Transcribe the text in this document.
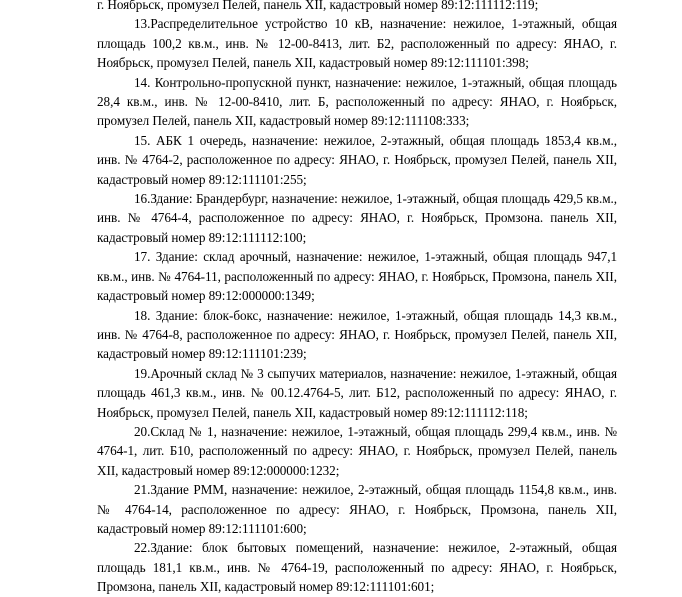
г. Ноябрьск, промузел Пелей, панель XII, кадастровый номер 89:12:111112:119;

13.Распределительное устройство 10 кВ, назначение: нежилое, 1-этажный, общая площадь 100,2 кв.м., инв. № 12-00-8413, лит. Б2, расположенный по адресу: ЯНАО, г. Ноябрьск, промузел Пелей, панель XII, кадастровый номер 89:12:111101:398;

14. Контрольно-пропускной пункт, назначение: нежилое, 1-этажный, общая площадь 28,4 кв.м., инв. № 12-00-8410, лит. Б, расположенный по адресу: ЯНАО, г. Ноябрьск, промузел Пелей, панель XII, кадастровый номер 89:12:111108:333;

15. АБК 1 очередь, назначение: нежилое, 2-этажный, общая площадь 1853,4 кв.м., инв. № 4764-2, расположенное по адресу: ЯНАО, г. Ноябрьск, промузел Пелей, панель XII, кадастровый номер 89:12:111101:255;

16.Здание: Брандербург, назначение: нежилое, 1-этажный, общая площадь 429,5 кв.м., инв. № 4764-4, расположенное по адресу: ЯНАО, г. Ноябрьск, Промзона. панель XII, кадастровый номер 89:12:111112:100;

17. Здание: склад арочный, назначение: нежилое, 1-этажный, общая площадь 947,1 кв.м., инв. № 4764-11, расположенный по адресу: ЯНАО, г. Ноябрьск, Промзона, панель XII, кадастровый номер 89:12:000000:1349;

18. Здание: блок-бокс, назначение: нежилое, 1-этажный, общая площадь 14,3 кв.м., инв. № 4764-8, расположенное по адресу: ЯНАО, г. Ноябрьск, промузел Пелей, панель XII, кадастровый номер 89:12:111101:239;

19.Арочный склад № 3 сыпучих материалов, назначение: нежилое, 1-этажный, общая площадь 461,3 кв.м., инв. № 00.12.4764-5, лит. Б12, расположенный по адресу: ЯНАО, г. Ноябрьск, промузел Пелей, панель XII, кадастровый номер 89:12:111112:118;

20.Склад № 1, назначение: нежилое, 1-этажный, общая площадь 299,4 кв.м., инв. № 4764-1, лит. Б10, расположенный по адресу: ЯНАО, г. Ноябрьск, промузел Пелей, панель XII, кадастровый номер 89:12:000000:1232;

21.Здание РММ, назначение: нежилое, 2-этажный, общая площадь 1154,8 кв.м., инв. № 4764-14, расположенное по адресу: ЯНАО, г. Ноябрьск, Промзона, панель XII, кадастровый номер 89:12:111101:600;

22.Здание: блок бытовых помещений, назначение: нежилое, 2-этажный, общая площадь 181,1 кв.м., инв. № 4764-19, расположенный по адресу: ЯНАО, г. Ноябрьск, Промзона, панель XII, кадастровый номер 89:12:111101:601;
